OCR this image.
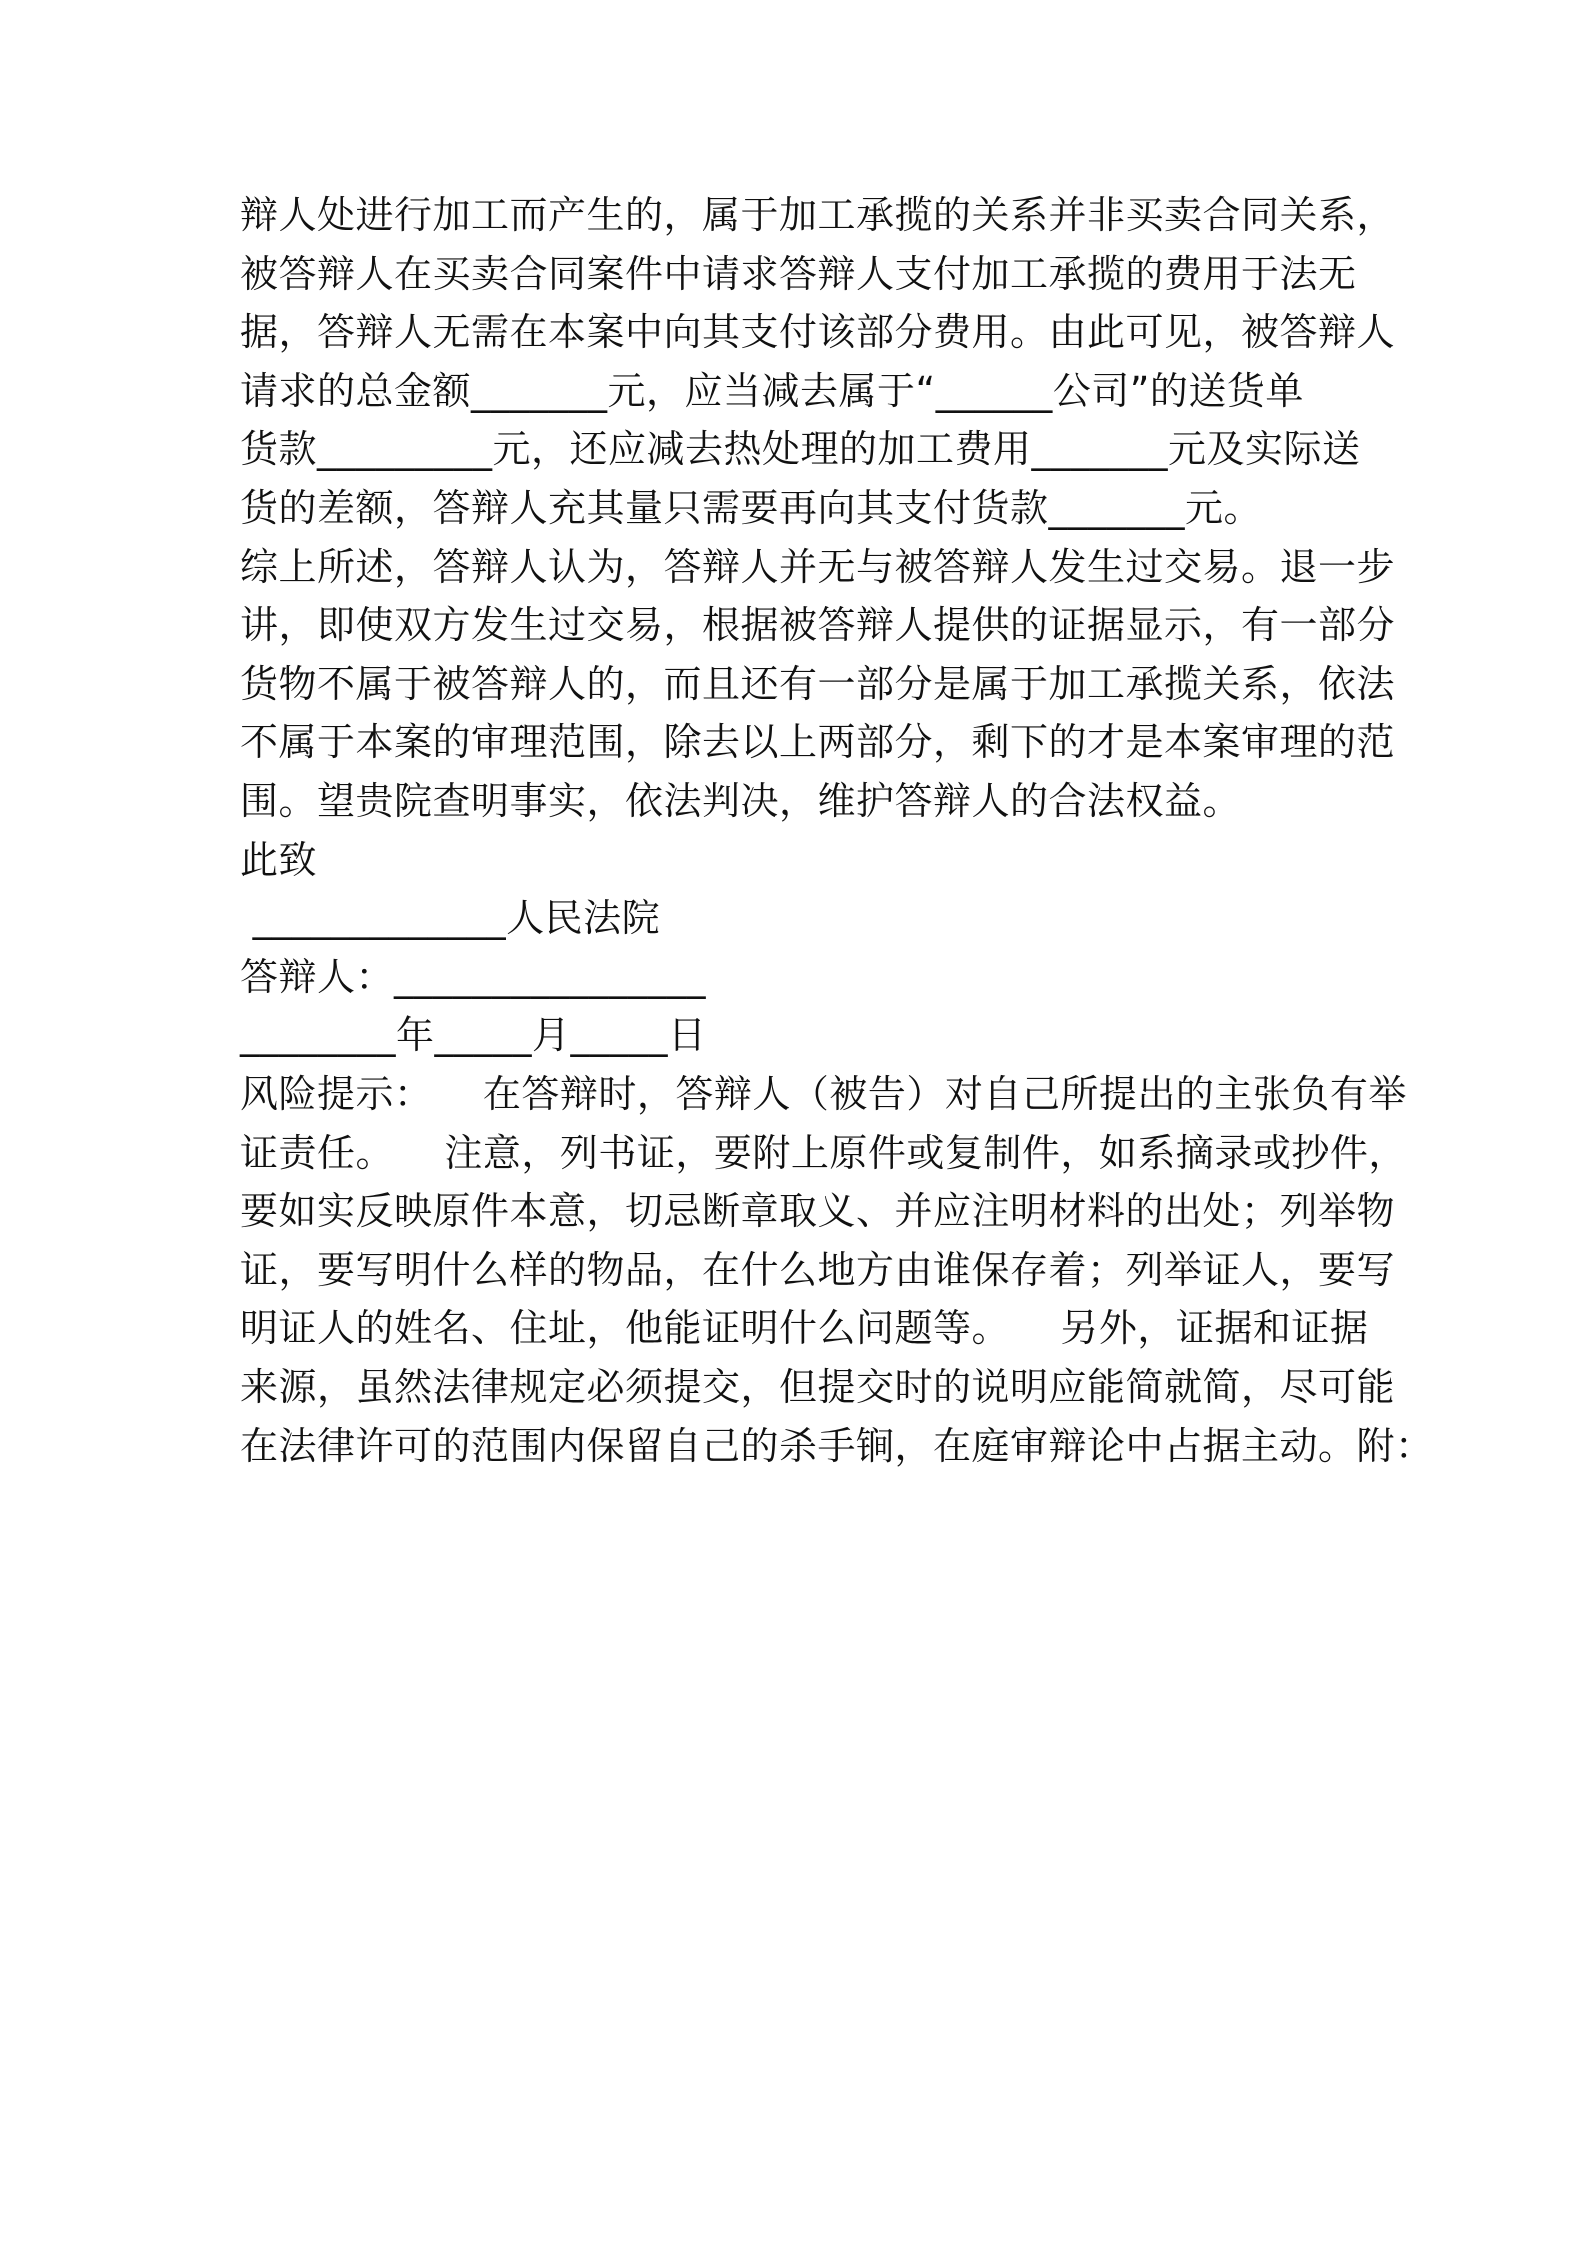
辩人处进行加工而产生的，属于加工承揽的关系并非买卖合同关系，
被答辩人在买卖合同案件中请求答辩人支付加工承揽的费用于法无
据，答辩人无需在本案中向其支付该部分费用。由此可见，被答辩人
请求的总金额_______元，应当减去属于“______公司”的送货单
货款_________元，还应减去热处理的加工费用_______元及实际送
货的差额，答辩人充其量只需要再向其支付货款_______元。
综上所述，答辩人认为，答辩人并无与被答辩人发生过交易。退一步
讲，即使双方发生过交易，根据被答辩人提供的证据显示，有一部分
货物不属于被答辩人的，而且还有一部分是属于加工承揽关系，依法
不属于本案的审理范围，除去以上两部分，剩下的才是本案审理的范
围。望贵院查明事实，依法判决，维护答辩人的合法权益。
此致
_____________人民法院
答辩人：________________
________年_____月_____日
风险提示：    在答辩时，答辩人（被告）对自己所提出的主张负有举
证责任。    注意，列书证，要附上原件或复制件，如系摘录或抄件，
要如实反映原件本意，切忌断章取义、并应注明材料的出处；列举物
证，要写明什么样的物品，在什么地方由谁保存着；列举证人，要写
明证人的姓名、住址，他能证明什么问题等。    另外，证据和证据
来源，虽然法律规定必须提交，但提交时的说明应能简就简，尽可能
在法律许可的范围内保留自己的杀手锏，在庭审辩论中占据主动。附：
